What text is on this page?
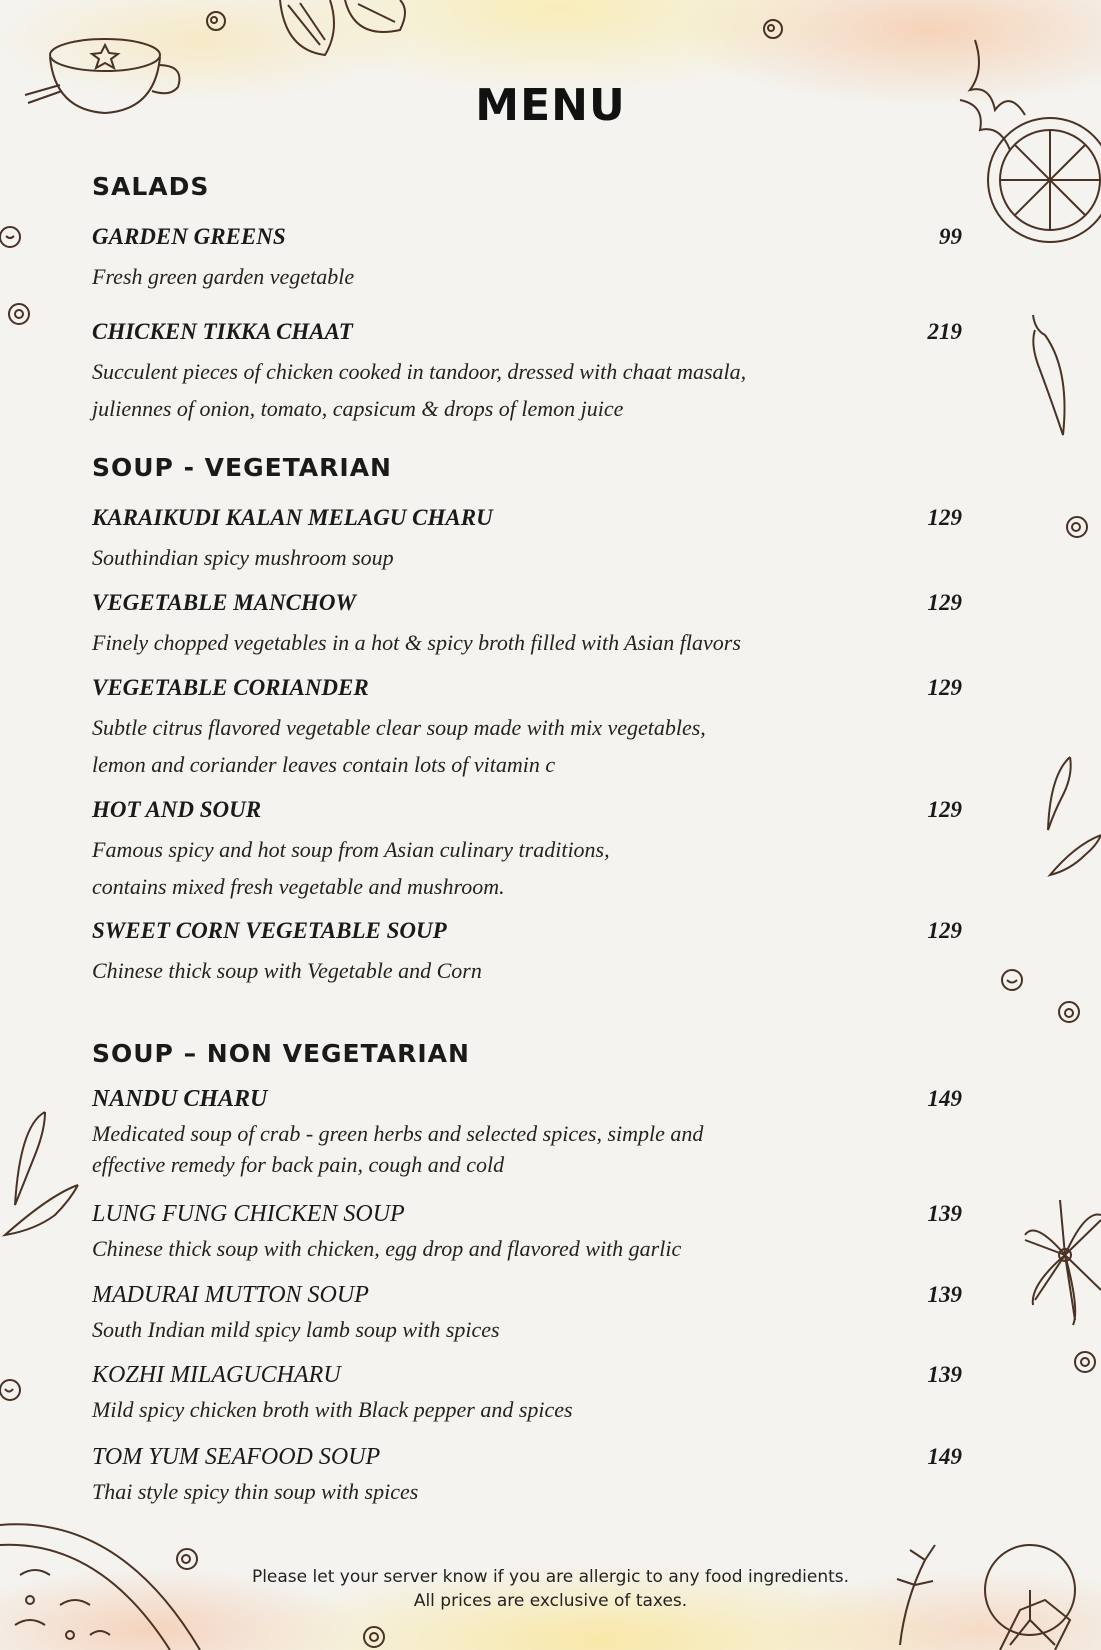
MENU
SALADS
GARDEN GREENS	99
Fresh green garden vegetable
CHICKEN TIKKA CHAAT	219
Succulent pieces of chicken cooked in tandoor, dressed with chaat masala,
juliennes of onion, tomato, capsicum & drops of lemon juice
SOUP - VEGETARIAN
KARAIKUDI KALAN MELAGU CHARU	129
Southindian spicy mushroom soup
VEGETABLE MANCHOW	129
Finely chopped vegetables in a hot & spicy broth filled with Asian flavors
VEGETABLE CORIANDER	129
Subtle citrus flavored vegetable clear soup made with mix vegetables,
lemon and coriander leaves contain lots of vitamin c
HOT AND SOUR	129
Famous spicy and hot soup from Asian culinary traditions,
contains mixed fresh vegetable and mushroom.
SWEET CORN VEGETABLE SOUP	129
Chinese thick soup with Vegetable and Corn
SOUP – NON VEGETARIAN
NANDU CHARU	149
Medicated soup of crab - green herbs and selected spices, simple and
effective remedy for back pain, cough and cold
LUNG FUNG CHICKEN SOUP	139
Chinese thick soup with chicken, egg drop and flavored with garlic
MADURAI MUTTON SOUP	139
South Indian mild spicy lamb soup with spices
KOZHI MILAGUCHARU	139
Mild spicy chicken broth with Black pepper and spices
TOM YUM SEAFOOD SOUP	149
Thai style spicy thin soup with spices
Please let your server know if you are allergic to any food ingredients.
All prices are exclusive of taxes.
